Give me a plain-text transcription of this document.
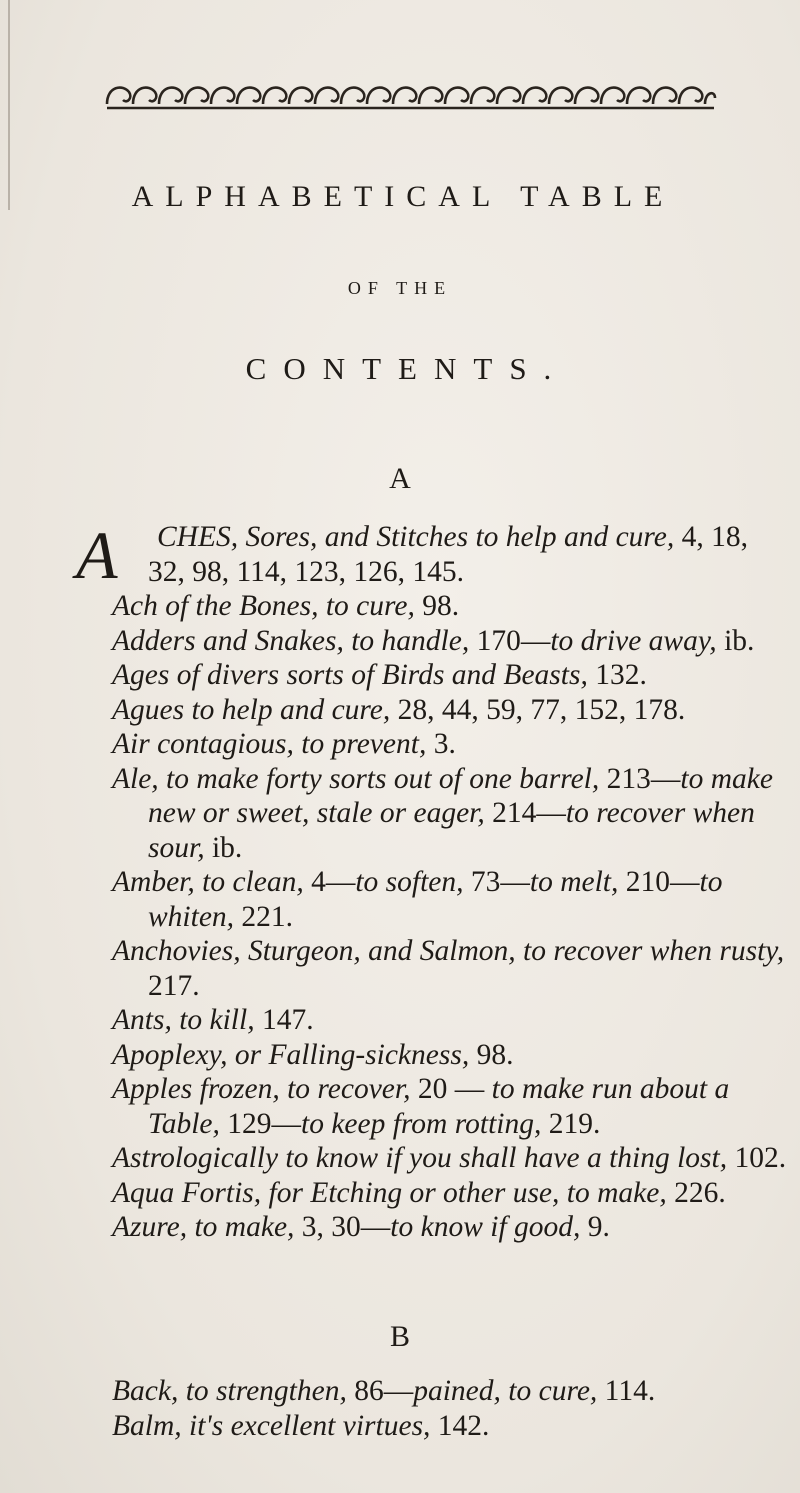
ALPHABETICAL TABLE
OF THE
CONTENTS.
A

A CHES, Sores, and Stitches to help and cure, 4, 18,
32, 98, 114, 123, 126, 145.

Ach of the Bones, to cure, 98.

Adders and Snakes, to handle, 170—to drive away, ib.

Ages of divers sorts of Birds and Beasts, 132.

Agues to help and cure, 28, 44, 59, 77, 152, 178.

Air contagious, to prevent, 3.

Ale, to make forty sorts out of one barrel, 213—to make new or sweet, stale or eager, 214—to recover when sour, ib.

Amber, to clean, 4—to soften, 73—to melt, 210—to whiten, 221.

Anchovies, Sturgeon, and Salmon, to recover when rusty, 217.

Ants, to kill, 147.

Apoplexy, or Falling-sickness, 98.

Apples frozen, to recover, 20 — to make run about a Table, 129—to keep from rotting, 219.

Astrologically to know if you shall have a thing lost, 102.

Aqua Fortis, for Etching or other use, to make, 226.

Azure, to make, 3, 30—to know if good, 9.

B

Back, to strengthen, 86—pained, to cure, 114.

Balm, it's excellent virtues, 142.
